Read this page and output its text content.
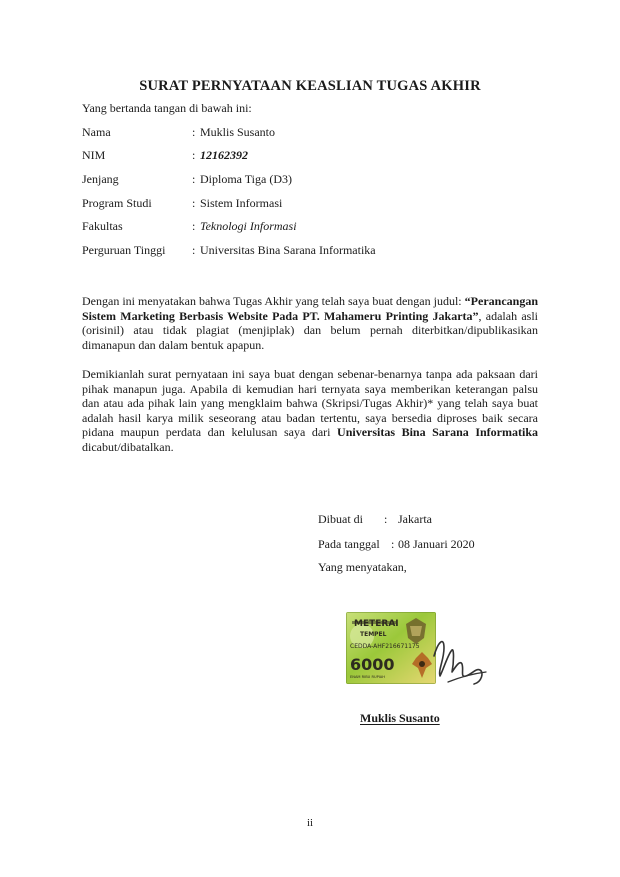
SURAT PERNYATAAN KEASLIAN TUGAS AKHIR
Yang bertanda tangan di bawah ini:
Nama	: Muklis Susanto
NIM	: 12162392
Jenjang	: Diploma Tiga (D3)
Program Studi	: Sistem Informasi
Fakultas	: Teknologi Informasi
Perguruan Tinggi : Universitas Bina Sarana Informatika

Dengan ini menyatakan bahwa Tugas Akhir yang telah saya buat dengan judul: “Perancangan Sistem Marketing Berbasis Website Pada PT. Mahameru Printing Jakarta”, adalah asli (orisinil) atau tidak plagiat (menjiplak) dan belum pernah diterbitkan/dipublikasikan dimanapun dan dalam bentuk apapun.

Demikianlah surat pernyataan ini saya buat dengan sebenar-benarnya tanpa ada paksaan dari pihak manapun juga. Apabila di kemudian hari ternyata saya memberikan keterangan palsu dan atau ada pihak lain yang mengklaim bahwa (Skripsi/Tugas Akhir)* yang telah saya buat adalah hasil karya milik seseorang atau badan tertentu, saya bersedia diproses baik secara pidana maupun perdata dan kelulusan saya dari Universitas Bina Sarana Informatika dicabut/dibatalkan.

Dibuat di : Jakarta
Pada tanggal : 08 Januari 2020
Yang menyatakan,
METERAI
TEMPEL
CEDDA-AHF216671175
6000
ENAM RIBU RUPIAH
Muklis Susanto
ii
